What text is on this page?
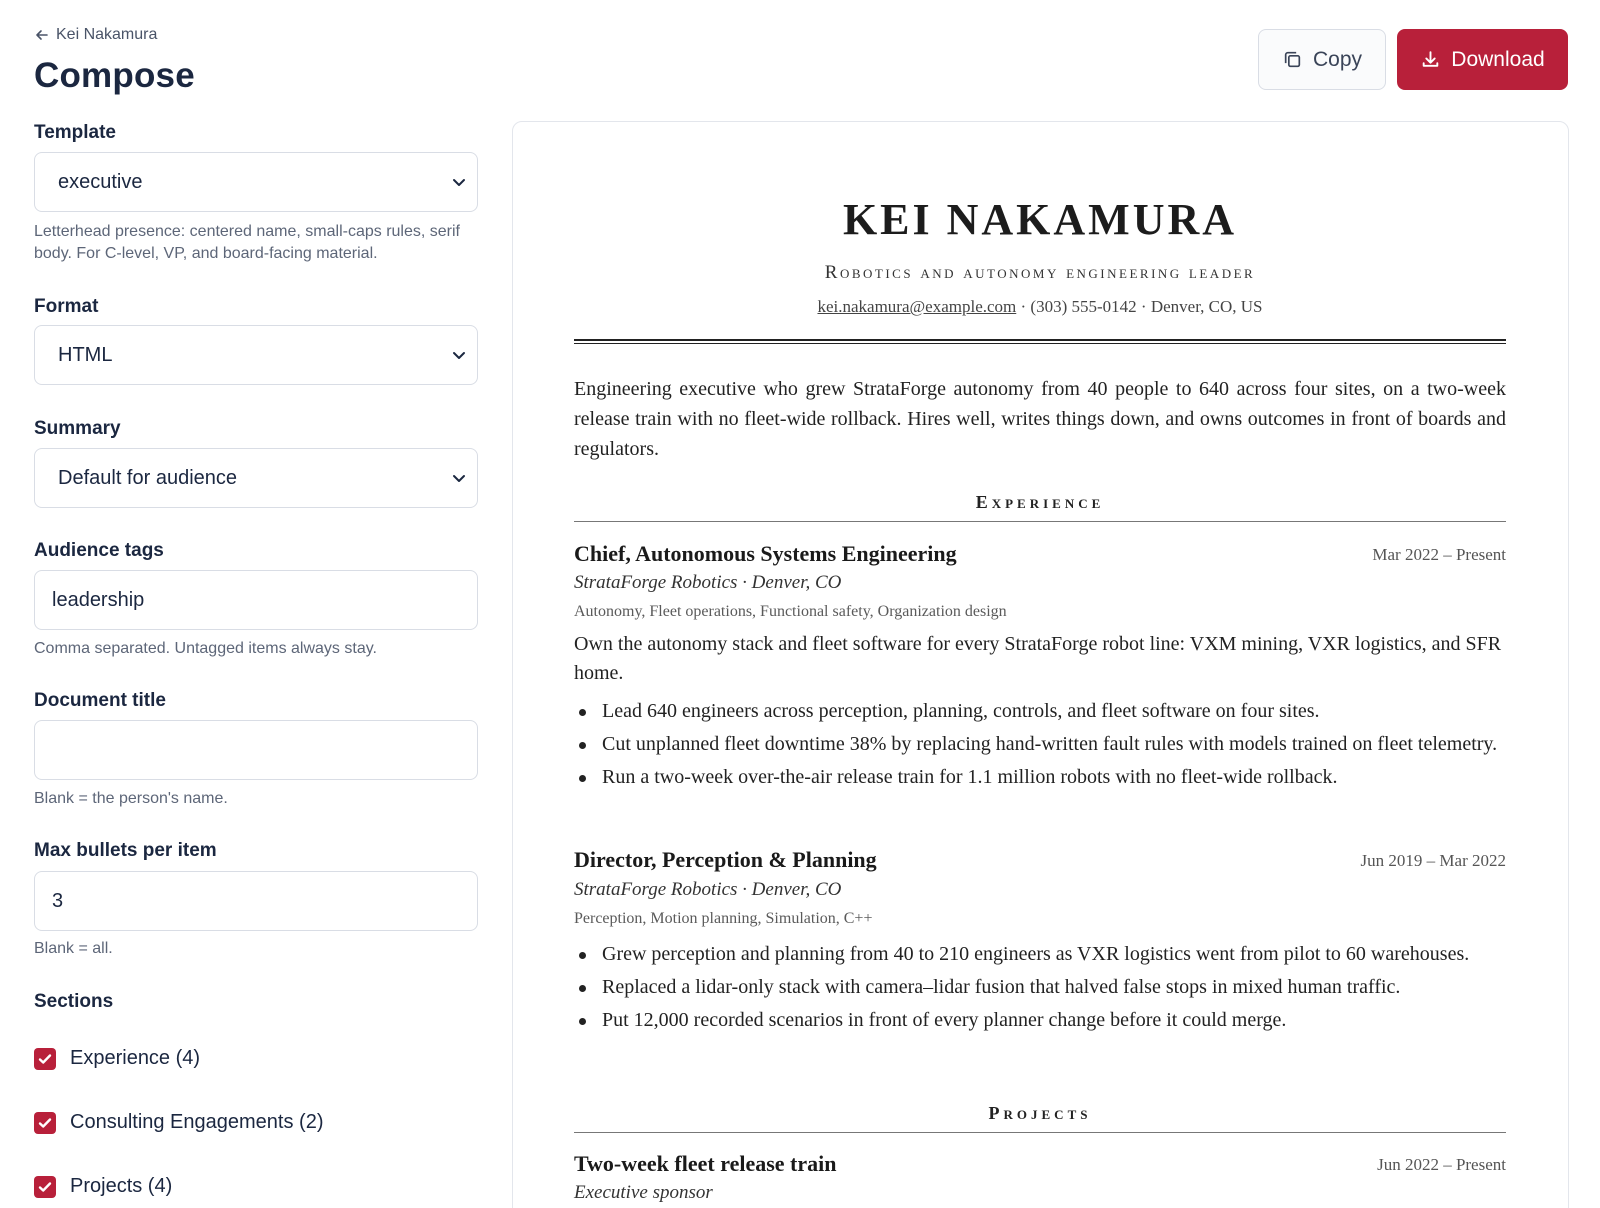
Kei Nakamura
Compose
Template
executive
Letterhead presence: centered name, small-caps rules, serif body. For C-level, VP, and board-facing material.
Format
HTML
Summary
Default for audience
Audience tags
leadership
Comma separated. Untagged items always stay.
Document title
Blank = the person's name.
Max bullets per item
3
Blank = all.
Sections
Experience (4)
Consulting Engagements (2)
Projects (4)
Copy	Download
KEI NAKAMURA
Robotics and autonomy engineering leader
kei.nakamura@example.com · (303) 555-0142 · Denver, CO, US

Engineering executive who grew StrataForge autonomy from 40 people to 640 across four sites, on a two-week release train with no fleet-wide rollback. Hires well, writes things down, and owns outcomes in front of boards and regulators.

Experience
Chief, Autonomous Systems Engineering	Mar 2022 – Present
StrataForge Robotics · Denver, CO
Autonomy, Fleet operations, Functional safety, Organization design
Own the autonomy stack and fleet software for every StrataForge robot line: VXM mining, VXR logistics, and SFR home.
Lead 640 engineers across perception, planning, controls, and fleet software on four sites.
Cut unplanned fleet downtime 38% by replacing hand-written fault rules with models trained on fleet telemetry.
Run a two-week over-the-air release train for 1.1 million robots with no fleet-wide rollback.
Director, Perception & Planning	Jun 2019 – Mar 2022
StrataForge Robotics · Denver, CO
Perception, Motion planning, Simulation, C++
Grew perception and planning from 40 to 210 engineers as VXR logistics went from pilot to 60 warehouses.
Replaced a lidar-only stack with camera–lidar fusion that halved false stops in mixed human traffic.
Put 12,000 recorded scenarios in front of every planner change before it could merge.
Projects
Two-week fleet release train	Jun 2022 – Present
Executive sponsor
